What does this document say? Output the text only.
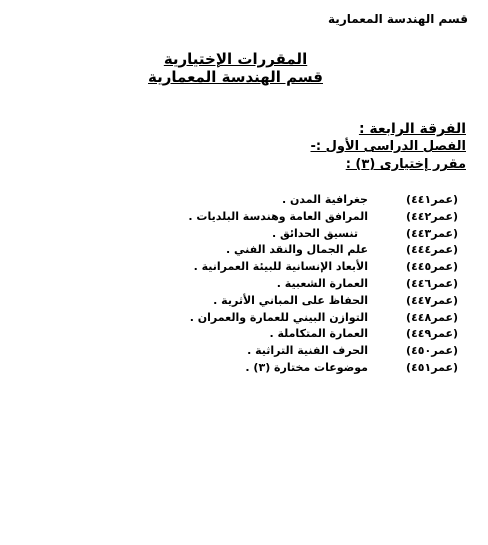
قسم الهندسة المعمارية
المقررات الإختيارية
قسم الهندسة المعمارية
الفرقة الرابعة :
الفصل الدراسى الأول :-
مقرر إختيارى (٣) :
(عمر٤٤١)
جغرافية المدن .
(عمر٤٤٢)
المرافق العامة وهندسة البلديات .
(عمر٤٤٣)
تنسيق الحدائق .
(عمر٤٤٤)
علم الجمال والنقد الفني .
(عمر٤٤٥)
الأبعاد الإنسانية للبيئة العمرانية .
(عمر٤٤٦)
العمارة الشعبية .
(عمر٤٤٧)
الحفاظ على المباني الأثرية .
(عمر٤٤٨)
التوازن البيني للعمارة والعمران .
(عمر٤٤٩)
العمارة المتكاملة .
(عمر٤٥٠)
الحرف الفنية التراثية .
(عمر٤٥١)
موضوعات مختارة (٣) .
